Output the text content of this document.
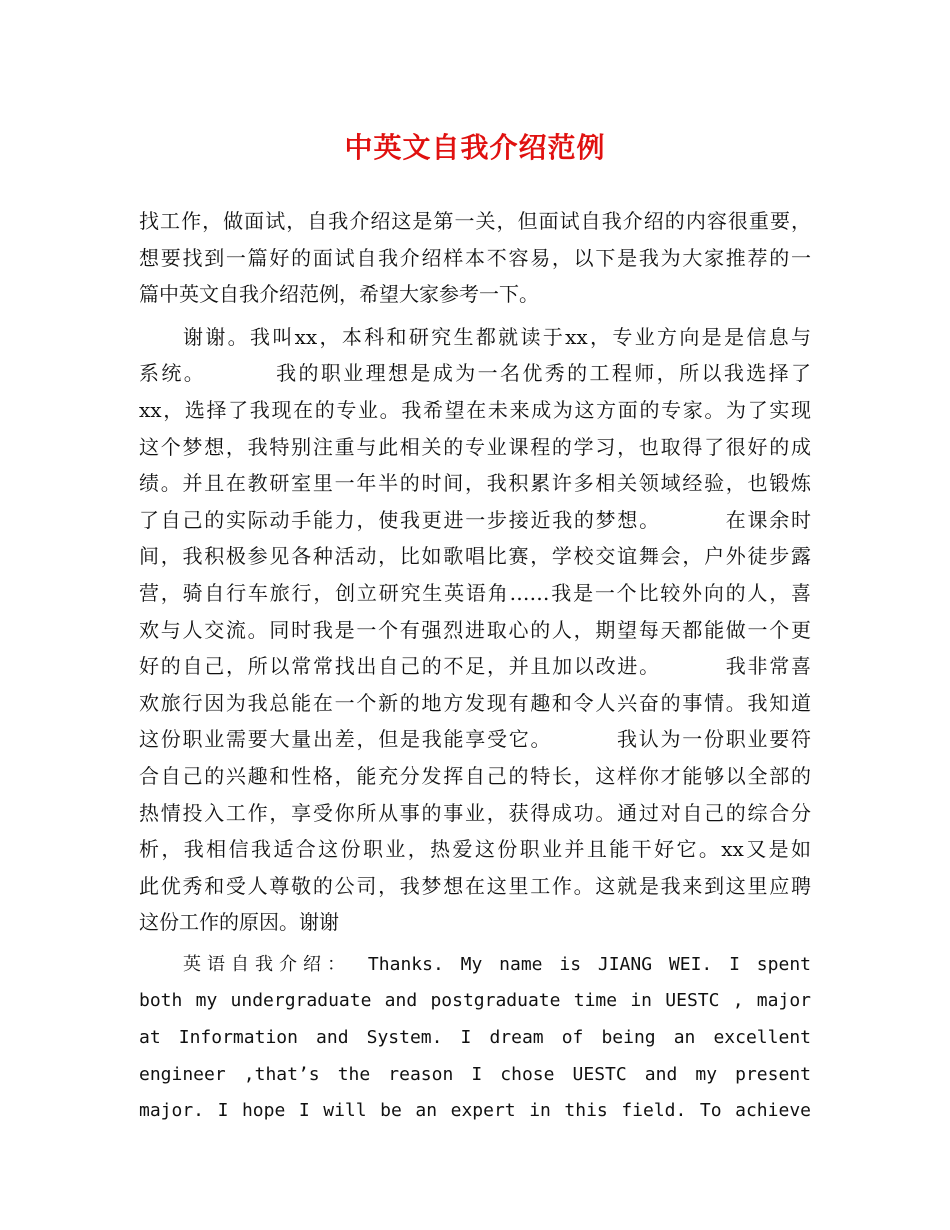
中英文自我介绍范例
找工作，做面试，自我介绍这是第一关，但面试自我介绍的内容很重要，
想要找到一篇好的面试自我介绍样本不容易，以下是我为大家推荐的一
篇中英文自我介绍范例，希望大家参考一下。
谢谢。我叫xx，本科和研究生都就读于xx，专业方向是是信息与
系统。        我的职业理想是成为一名优秀的工程师，所以我选择了
xx，选择了我现在的专业。我希望在未来成为这方面的专家。为了实现
这个梦想，我特别注重与此相关的专业课程的学习，也取得了很好的成
绩。并且在教研室里一年半的时间，我积累许多相关领域经验，也锻炼
了自己的实际动手能力，使我更进一步接近我的梦想。        在课余时
间，我积极参见各种活动，比如歌唱比赛，学校交谊舞会，户外徒步露
营，骑自行车旅行，创立研究生英语角……我是一个比较外向的人，喜
欢与人交流。同时我是一个有强烈进取心的人，期望每天都能做一个更
好的自己，所以常常找出自己的不足，并且加以改进。        我非常喜
欢旅行因为我总能在一个新的地方发现有趣和令人兴奋的事情。我知道
这份职业需要大量出差，但是我能享受它。        我认为一份职业要符
合自己的兴趣和性格，能充分发挥自己的特长，这样你才能够以全部的
热情投入工作，享受你所从事的事业，获得成功。通过对自己的综合分
析，我相信我适合这份职业，热爱这份职业并且能干好它。xx又是如
此优秀和受人尊敬的公司，我梦想在这里工作。这就是我来到这里应聘
这份工作的原因。谢谢
英语自我介绍： Thanks. My name is JIANG WEI. I spent
both my undergraduate and postgraduate time in UESTC , major
at Information and System. I dream of being an excellent
engineer ,that’s the reason I chose UESTC and my present
major. I hope I will be an expert in this field. To achieve
